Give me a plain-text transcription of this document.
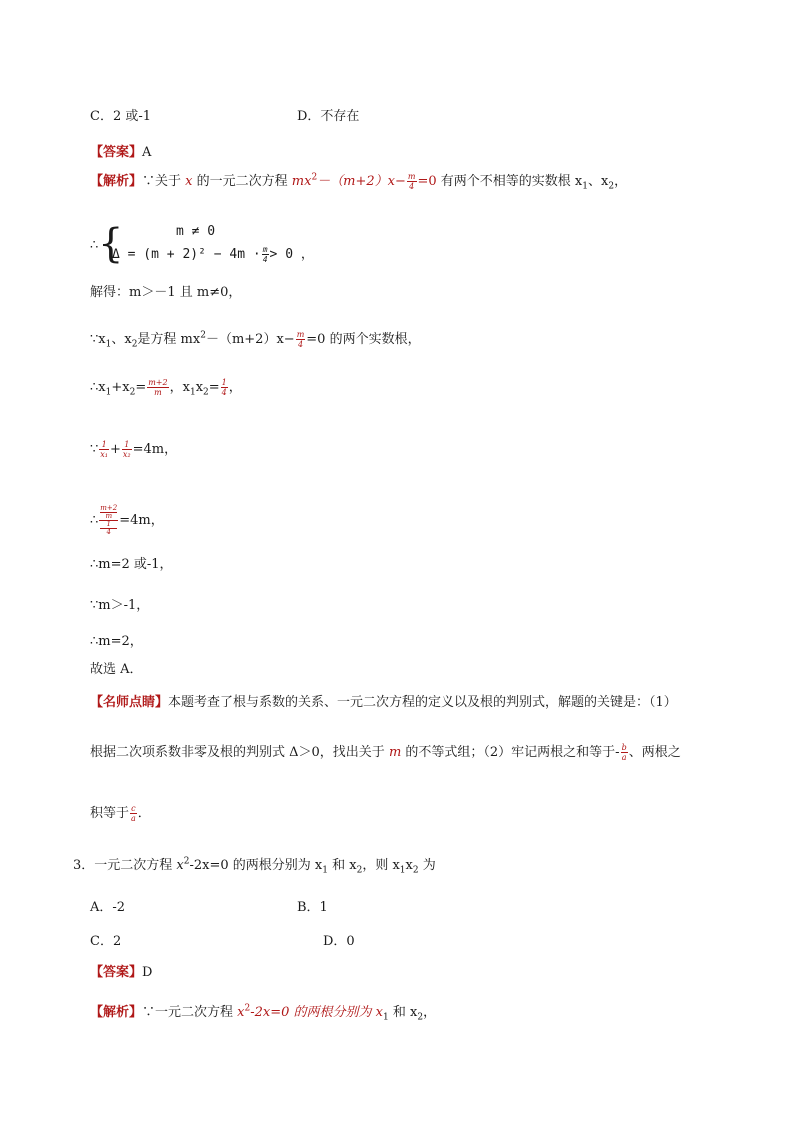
C．2 或-1	D．不存在
【答案】A
【解析】∵关于 x 的一元二次方程 $mx^2-(m+2)x- \frac{m}{4} =0$ 有两个不相等的实数根 $x_1$、$x_2$，
∴ {	m ≠ 0
$\Delta = (m + 2)^2 - 4m \cdot \frac{m}{4} > 0$ ，
解得：m＞－1 且 m≠0，
$\because x_1$、$x_2$是方程 $mx^2-(m+2)x- \frac{m}{4} =0$ 的两个实数根，
$\therefore x_1+x_2= \frac{m+2}{m}$ ，$x_1x_2= \frac{1}{4}$ ，
∵ $\frac{1}{\text{x₁}} + \frac{1}{\text{x₂}} =4m$，
∴ m+2
m
1
4 =4m，
∴m=2 或-1，
∵m＞-1，
∴m=2，
故选 A．
【名师点睛】本题考查了根与系数的关系、一元二次方程的定义以及根的判别式，解题的关键是：（1）
根据二次项系数非零及根的判别式 Δ＞0，找出关于 m 的不等式组；（2）牢记两根之和等于- $\frac{b}{a}$ 、两根之
积等于 $\frac{c}{a}$ ．
3．一元二次方程 $x^2-2x=0$ 的两根分别为 $x_1$ 和 $x_2$，则 $x_1x_2$ 为
A．-2	B．1
C．2	D．0
【答案】D
【解析】∵一元二次方程 $x^2-2x=0$ 的两根分别为 $x_1$ 和 $x_2$，
